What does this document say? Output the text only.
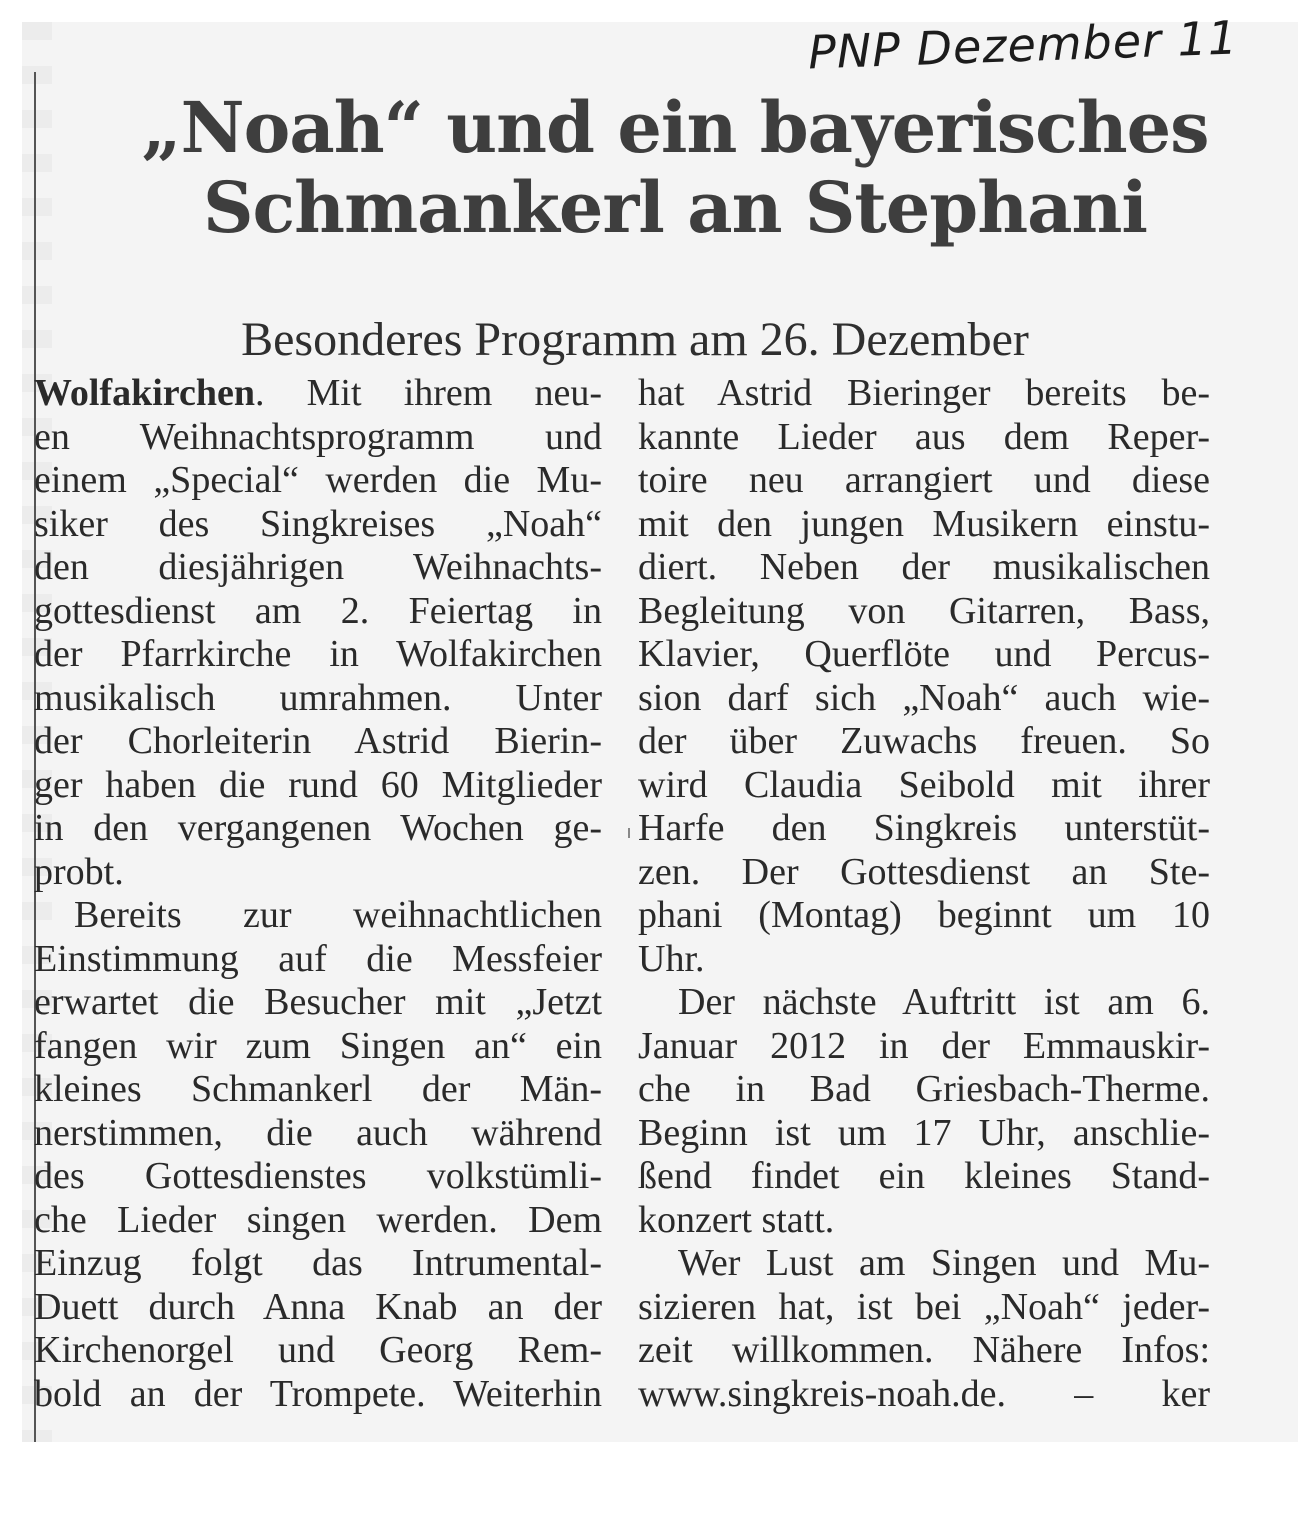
PNP Dezember 11
„Noah“ und ein bayerisches
Schmankerl an Stephani
Besonderes Programm am 26. Dezember
Wolfakirchen. Mit ihrem neu-
en Weihnachtsprogramm und
einem „Special“ werden die Mu-
siker des Singkreises „Noah“
den diesjährigen Weihnachts-
gottesdienst am 2. Feiertag in
der Pfarrkirche in Wolfakirchen
musikalisch umrahmen. Unter
der Chorleiterin Astrid Bierin-
ger haben die rund 60 Mitglieder
in den vergangenen Wochen ge-
probt.
Bereits zur weihnachtlichen
Einstimmung auf die Messfeier
erwartet die Besucher mit „Jetzt
fangen wir zum Singen an“ ein
kleines Schmankerl der Män-
nerstimmen, die auch während
des Gottesdienstes volkstümli-
che Lieder singen werden. Dem
Einzug folgt das Intrumental-
Duett durch Anna Knab an der
Kirchenorgel und Georg Rem-
bold an der Trompete. Weiterhin
hat Astrid Bieringer bereits be-
kannte Lieder aus dem Reper-
toire neu arrangiert und diese
mit den jungen Musikern einstu-
diert. Neben der musikalischen
Begleitung von Gitarren, Bass,
Klavier, Querflöte und Percus-
sion darf sich „Noah“ auch wie-
der über Zuwachs freuen. So
wird Claudia Seibold mit ihrer
Harfe den Singkreis unterstüt-
zen. Der Gottesdienst an Ste-
phani (Montag) beginnt um 10
Uhr.
Der nächste Auftritt ist am 6.
Januar 2012 in der Emmauskir-
che in Bad Griesbach-Therme.
Beginn ist um 17 Uhr, anschlie-
ßend findet ein kleines Stand-
konzert statt.
Wer Lust am Singen und Mu-
sizieren hat, ist bei „Noah“ jeder-
zeit willkommen. Nähere Infos:
www.singkreis-noah.de. – ker
